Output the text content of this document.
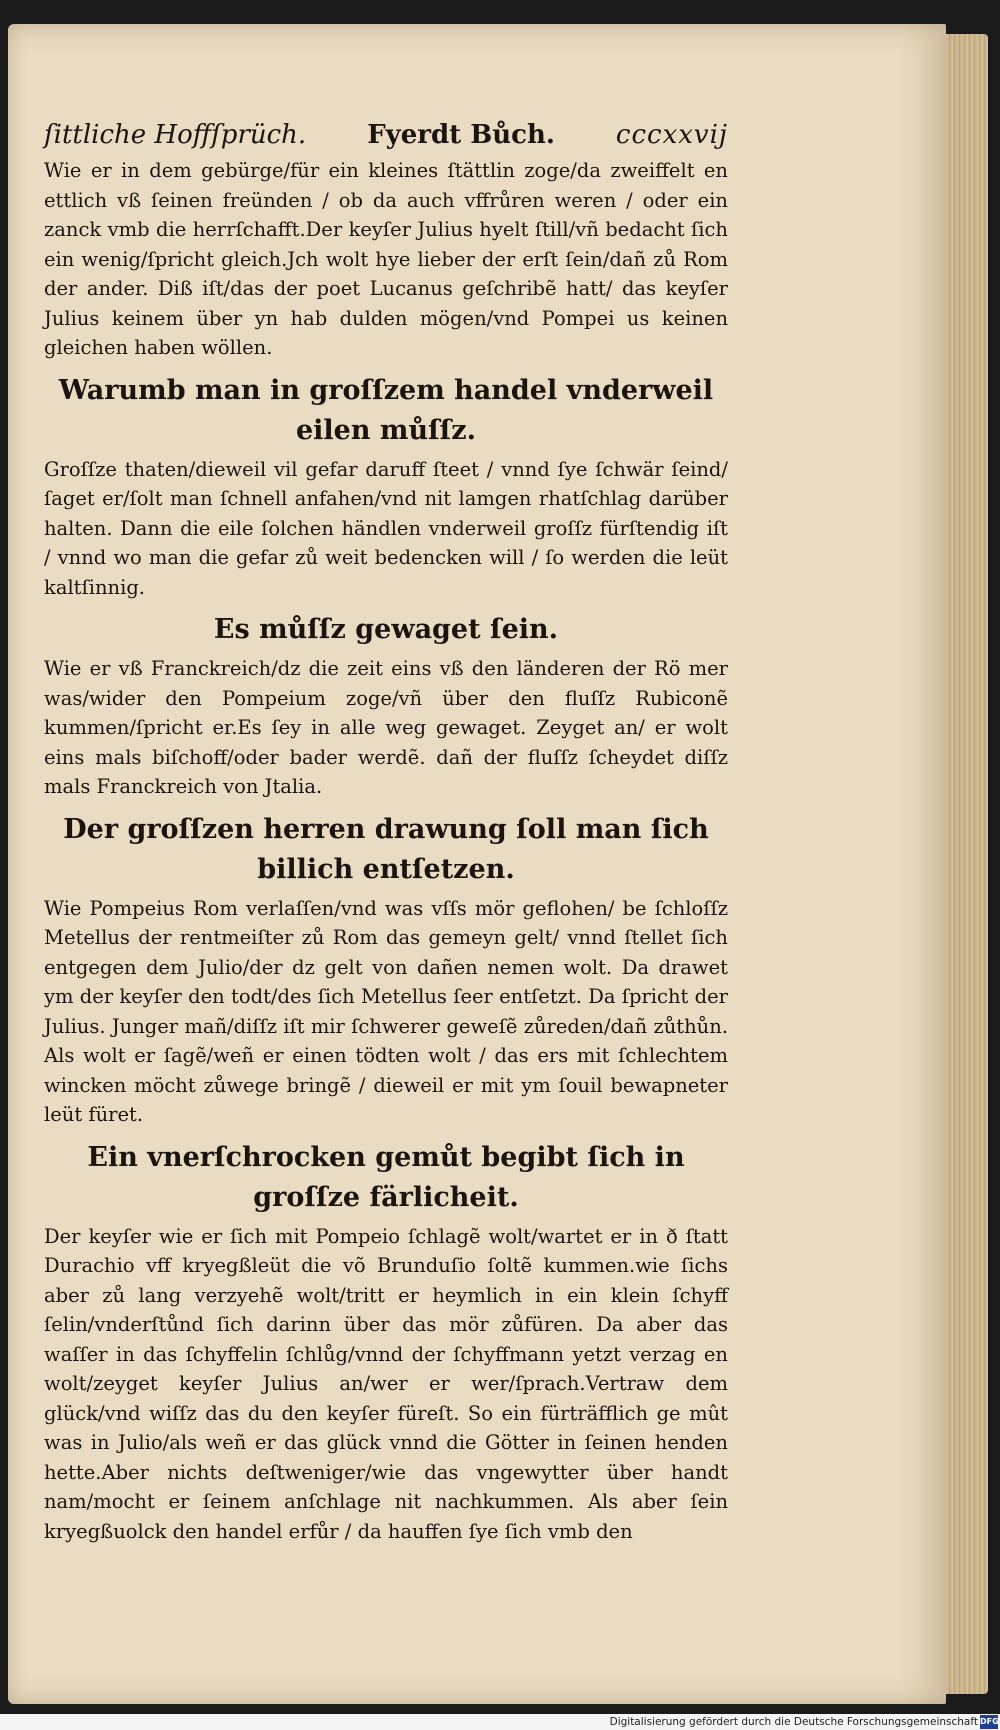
ſittliche Hoffſprüch. Fyerdt Bůch. cccxxvij

Wie er in dem gebürge/für ein kleines ſtättlin zoge/da zweiffelt en ettlich vß ſeinen freünden / ob da auch vffrůren weren / oder ein zanck vmb die herrſchafft.Der keyſer Julius hyelt ſtill/vñ bedacht ſich ein wenig/ſpricht gleich.Jch wolt hye lieber der erſt ſein/dañ zů Rom der ander. Diß iſt/das der poet Lucanus geſchribẽ hatt/ das keyſer Julius keinem über yn hab dulden mögen/vnd Pompei us keinen gleichen haben wöllen.

Warumb man in groſſzem handel vnderweil eilen můſſz.

Groſſze thaten/dieweil vil gefar daruff ſteet / vnnd ſye ſchwär ſeind/ſaget er/ſolt man ſchnell anfahen/vnd nit lamgen rhatſchlag darüber halten. Dann die eile ſolchen händlen vnderweil groſſz fürſtendig iſt / vnnd wo man die gefar zů weit bedencken will / ſo werden die leüt kaltſinnig.

Es můſſz gewaget ſein.

Wie er vß Franckreich/dz die zeit eins vß den länderen der Rö mer was/wider den Pompeium zoge/vñ über den fluſſz Rubiconẽ kummen/ſpricht er.Es ſey in alle weg gewaget. Zeyget an/ er wolt eins mals biſchoff/oder bader werdẽ. dañ der fluſſz ſcheydet diſſz mals Franckreich von Jtalia.

Der groſſzen herren drawung ſoll man ſich billich entſetzen.

Wie Pompeius Rom verlaſſen/vnd was vſſs mör geflohen/ be ſchloſſz Metellus der rentmeiſter zů Rom das gemeyn gelt/ vnnd ſtellet ſich entgegen dem Julio/der dz gelt von dañen nemen wolt. Da drawet ym der keyſer den todt/des ſich Metellus ſeer entſetzt. Da ſpricht der Julius. Junger mañ/diſſz iſt mir ſchwerer geweſẽ zůreden/dañ zůthůn. Als wolt er ſagẽ/weñ er einen tödten wolt / das ers mit ſchlechtem wincken möcht zůwege bringẽ / dieweil er mit ym ſouil bewapneter leüt füret.

Ein vnerſchrocken gemůt begibt ſich in groſſze färlicheit.

Der keyſer wie er ſich mit Pompeio ſchlagẽ wolt/wartet er in ð ſtatt Durachio vff kryegßleüt die võ Brunduſio ſoltẽ kummen.wie ſichs aber zů lang verzyehẽ wolt/tritt er heymlich in ein klein ſchyff ſelin/vnderſtůnd ſich darinn über das mör zůfüren. Da aber das waſſer in das ſchyffelin ſchlůg/vnnd der ſchyffmann yetzt verzag en wolt/zeyget keyſer Julius an/wer er wer/ſprach.Vertraw dem glück/vnd wiſſz das du den keyſer füreſt. So ein fürträfflich ge mût was in Julio/als weñ er das glück vnnd die Götter in ſeinen henden hette.Aber nichts deſtweniger/wie das vngewytter über handt nam/mocht er ſeinem anſchlage nit nachkummen. Als aber ſein kryegßuolck den handel erfůr / da hauffen ſye ſich vmb den

Digitalisierung gefördert durch die Deutsche Forschungsgemeinschaft DFG
